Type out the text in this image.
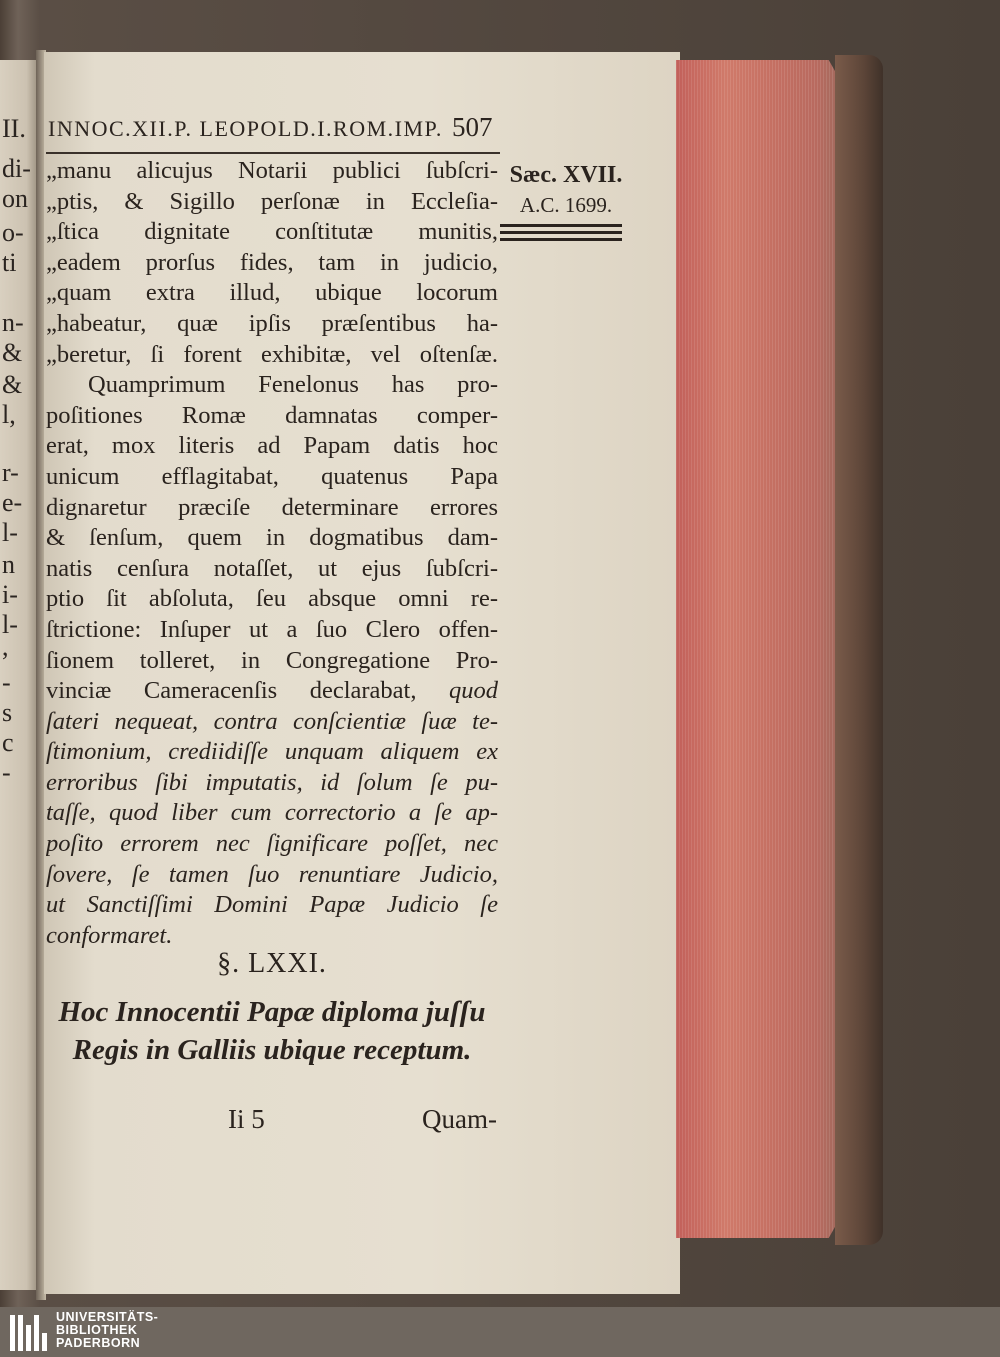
II.
di-
on
o-
ti
n-
&
&
l,
r-
e-
l-
n
i-
l-
,
-
s
c
-
INNOC.XII.P. LEOPOLD.I.ROM.IMP. 507
Sæc. XVII.
A.C. 1699.
„manu alicujus Notarii publici ſubſcri-
„ptis, & Sigillo perſonæ in Eccleſia-
„ſtica dignitate conſtitutæ munitis,
„eadem prorſus fides, tam in judicio,
„quam extra illud, ubique locorum
„habeatur, quæ ipſis præſentibus ha-
„beretur, ſi forent exhibitæ, vel oſtenſæ.
Quamprimum Fenelonus has pro-
poſitiones Romæ damnatas comper-
erat, mox literis ad Papam datis hoc
unicum efflagitabat, quatenus Papa
dignaretur præciſe determinare errores
& ſenſum, quem in dogmatibus dam-
natis cenſura notaſſet, ut ejus ſubſcri-
ptio ſit abſoluta, ſeu absque omni re-
ſtrictione: Inſuper ut a ſuo Clero offen-
ſionem tolleret, in Congregatione Pro-
vinciæ Cameracenſis declarabat, quod
ſateri nequeat, contra conſcientiæ ſuæ te-
ſtimonium, crediidiſſe unquam aliquem ex
erroribus ſibi imputatis, id ſolum ſe pu-
taſſe, quod liber cum correctorio a ſe ap-
poſito errorem nec ſignificare poſſet, nec
ſovere, ſe tamen ſuo renuntiare Judicio,
ut Sanctiſſimi Domini Papæ Judicio ſe
conformaret.
§. LXXI.
Hoc Innocentii Papæ diploma juſſu
Regis in Galliis ubique receptum.
Ii 5	Quam-
UNIVERSITÄTS-
BIBLIOTHEK
PADERBORN
